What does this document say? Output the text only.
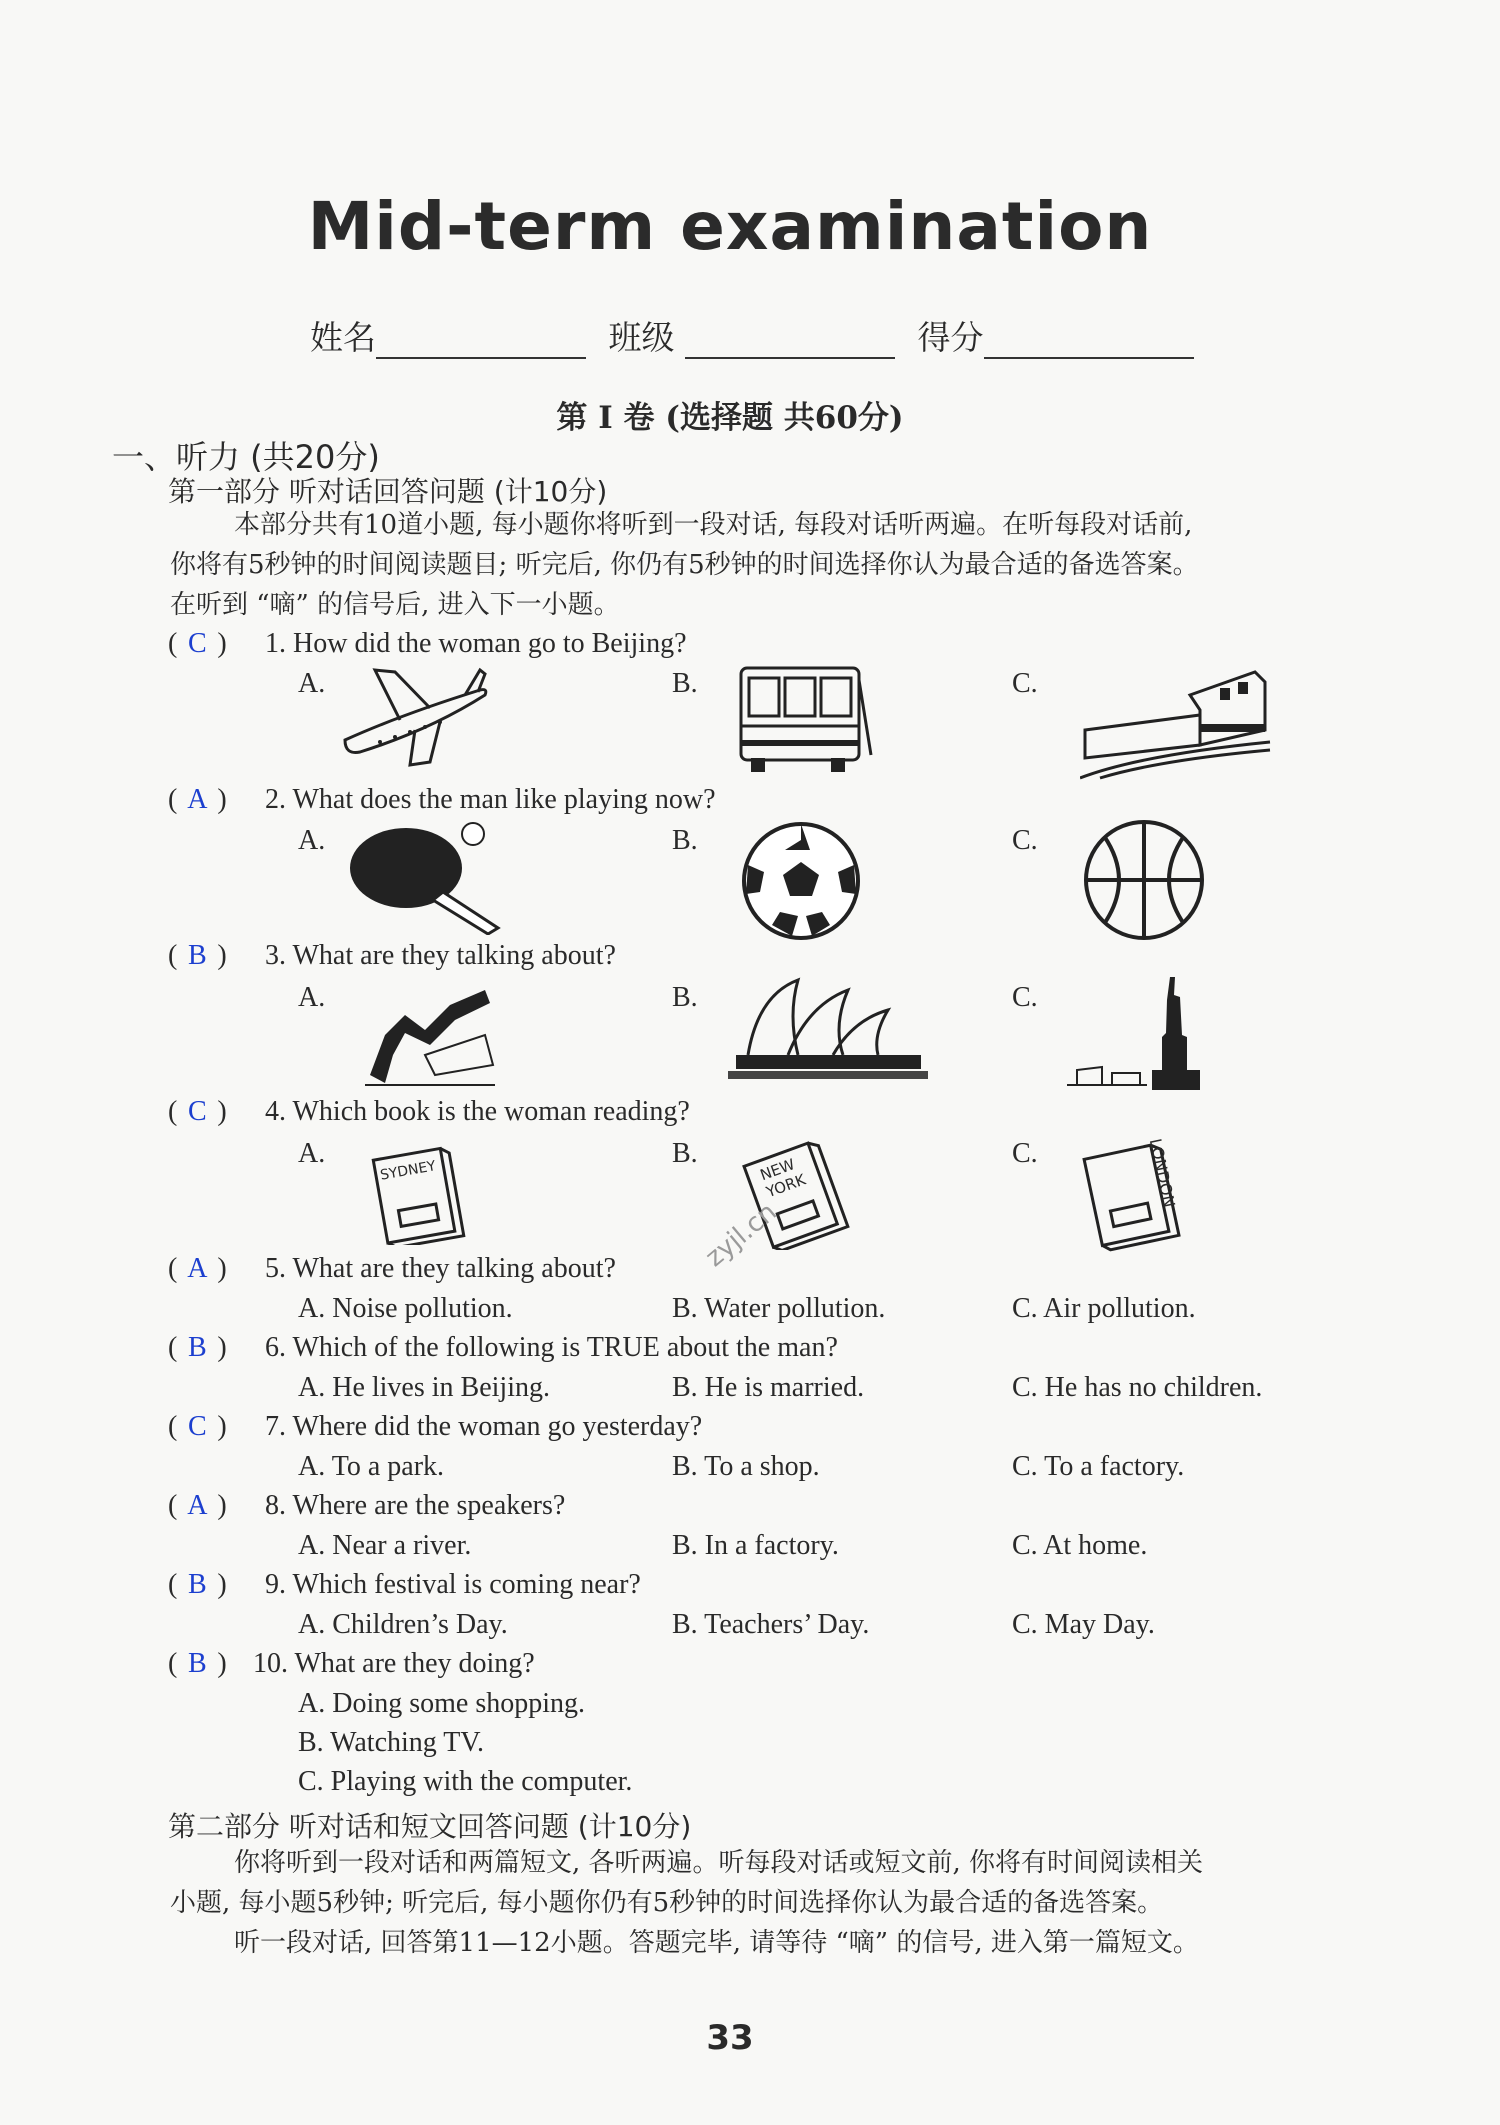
Mid-term examination
姓名	班级	得分
第 I 卷 (选择题 共60分)
一、听力 (共20分)
第一部分 听对话回答问题 (计10分)
本部分共有10道小题, 每小题你将听到一段对话, 每段对话听两遍。在听每段对话前,
你将有5秒钟的时间阅读题目; 听完后, 你仍有5秒钟的时间选择你认为最合适的备选答案。
在听到 “嘀” 的信号后, 进入下一小题。
( C ) 1. How did the woman go to Beijing?
A.	B.	C.
( A ) 2. What does the man like playing now?
A.	B.	C.
( B ) 3. What are they talking about?
A.	B.	C.
( C ) 4. Which book is the woman reading?
A.	B.	C.
SYDNEY	NEW YORK	LONDON
zyjl.cn
( A ) 5. What are they talking about?
A. Noise pollution.	B. Water pollution.	C. Air pollution.
( B ) 6. Which of the following is TRUE about the man?
A. He lives in Beijing.	B. He is married.	C. He has no children.
( C ) 7. Where did the woman go yesterday?
A. To a park.	B. To a shop.	C. To a factory.
( A ) 8. Where are the speakers?
A. Near a river.	B. In a factory.	C. At home.
( B ) 9. Which festival is coming near?
A. Children’s Day.	B. Teachers’ Day.	C. May Day.
( B ) 10. What are they doing?
A. Doing some shopping.
B. Watching TV.
C. Playing with the computer.
第二部分 听对话和短文回答问题 (计10分)
你将听到一段对话和两篇短文, 各听两遍。听每段对话或短文前, 你将有时间阅读相关
小题, 每小题5秒钟; 听完后, 每小题你仍有5秒钟的时间选择你认为最合适的备选答案。
听一段对话, 回答第11—12小题。答题完毕, 请等待 “嘀” 的信号, 进入第一篇短文。
33
